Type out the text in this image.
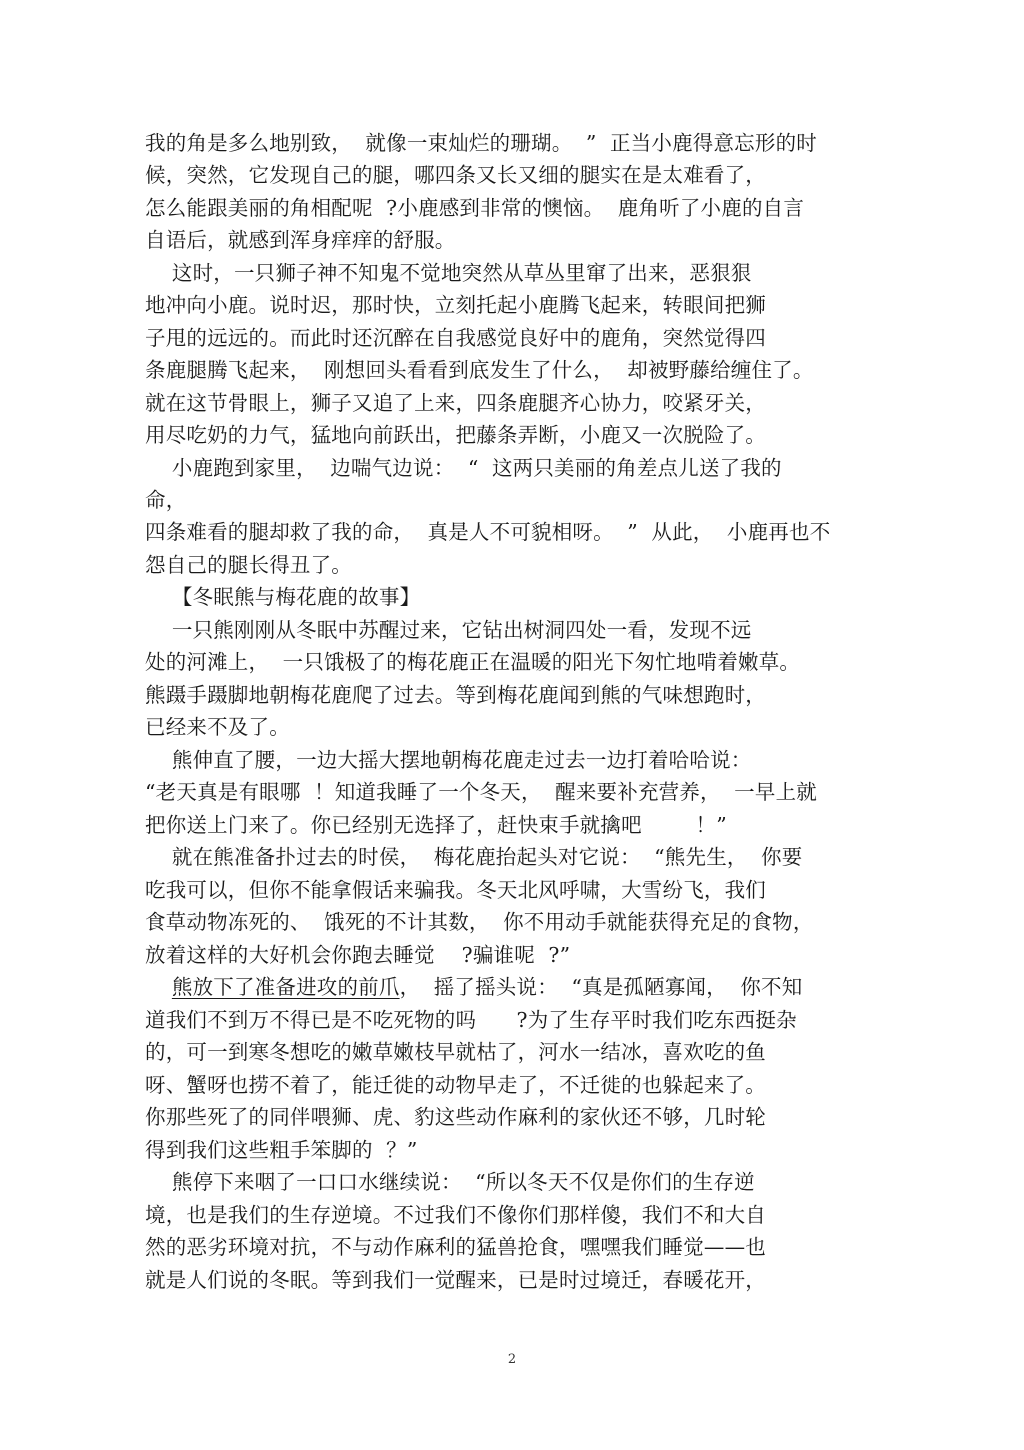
我的角是多么地别致，  就像一束灿烂的珊瑚。  ”  正当小鹿得意忘形的时
候，突然，它发现自己的腿，哪四条又长又细的腿实在是太难看了，
怎么能跟美丽的角相配呢  ?小鹿感到非常的懊恼。  鹿角听了小鹿的自言
自语后，就感到浑身痒痒的舒服。
这时，一只狮子神不知鬼不觉地突然从草丛里窜了出来，恶狠狠
地冲向小鹿。说时迟，那时快，立刻托起小鹿腾飞起来，转眼间把狮
子甩的远远的。而此时还沉醉在自我感觉良好中的鹿角，突然觉得四
条鹿腿腾飞起来，  刚想回头看看到底发生了什么，  却被野藤给缠住了。
就在这节骨眼上，狮子又追了上来，四条鹿腿齐心协力，咬紧牙关，
用尽吃奶的力气，猛地向前跃出，把藤条弄断，小鹿又一次脱险了。
小鹿跑到家里，  边喘气边说：  “  这两只美丽的角差点儿送了我的
命，
四条难看的腿却救了我的命，  真是人不可貌相呀。  ”  从此，  小鹿再也不
怨自己的腿长得丑了。
【冬眠熊与梅花鹿的故事】
一只熊刚刚从冬眠中苏醒过来，它钻出树洞四处一看，发现不远
处的河滩上，  一只饿极了的梅花鹿正在温暖的阳光下匆忙地啃着嫩草。
熊蹑手蹑脚地朝梅花鹿爬了过去。等到梅花鹿闻到熊的气味想跑时，
已经来不及了。
熊伸直了腰，一边大摇大摆地朝梅花鹿走过去一边打着哈哈说：
“老天真是有眼哪  ！知道我睡了一个冬天，  醒来要补充营养，  一早上就
把你送上门来了。你已经别无选择了，赶快束手就擒吧        ！”
就在熊准备扑过去的时侯，  梅花鹿抬起头对它说：  “熊先生，  你要
吃我可以，但你不能拿假话来骗我。冬天北风呼啸，大雪纷飞，我们
食草动物冻死的、  饿死的不计其数，  你不用动手就能获得充足的食物，
放着这样的大好机会你跑去睡觉    ?骗谁呢  ?”
熊放下了准备进攻的前爪，  摇了摇头说：  “真是孤陋寡闻，  你不知
道我们不到万不得已是不吃死物的吗      ?为了生存平时我们吃东西挺杂
的，可一到寒冬想吃的嫩草嫩枝早就枯了，河水一结冰，喜欢吃的鱼
呀、蟹呀也捞不着了，能迁徙的动物早走了，不迁徙的也躲起来了。
你那些死了的同伴喂狮、虎、豹这些动作麻利的家伙还不够，几时轮
得到我们这些粗手笨脚的  ？”
熊停下来咽了一口口水继续说：  “所以冬天不仅是你们的生存逆
境，也是我们的生存逆境。不过我们不像你们那样傻，我们不和大自
然的恶劣环境对抗，不与动作麻利的猛兽抢食，嘿嘿我们睡觉——也
就是人们说的冬眠。等到我们一觉醒来，已是时过境迁，春暖花开，
2
